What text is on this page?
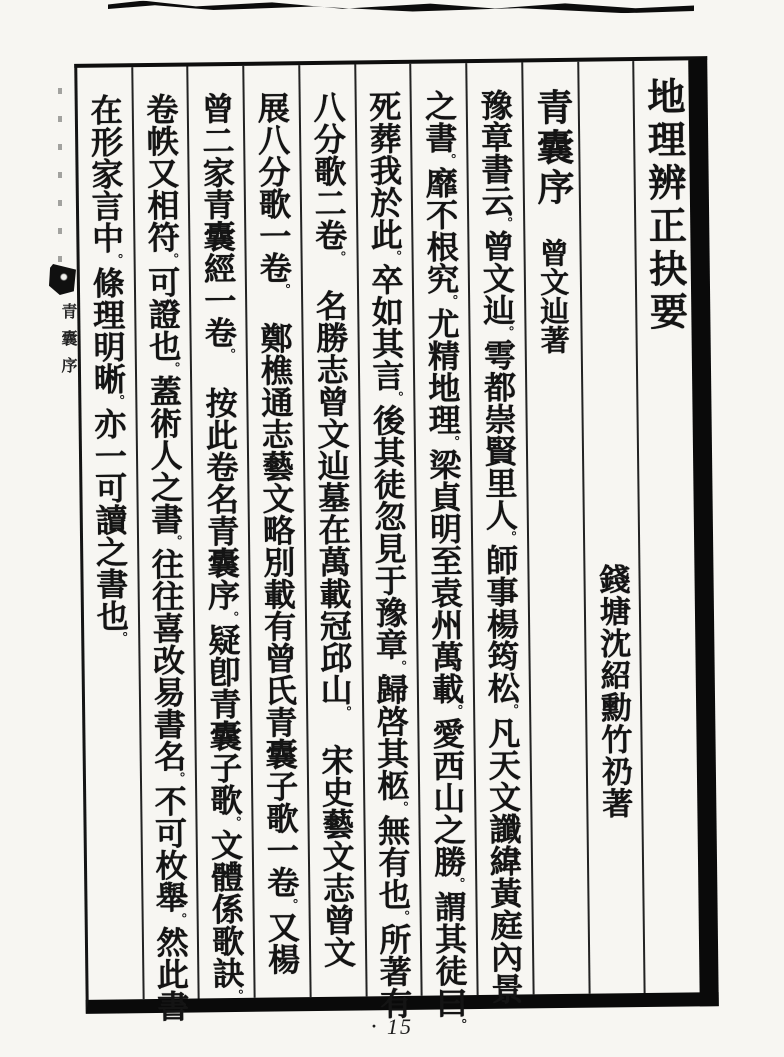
青囊序
地理辨正抉要
錢塘沈紹勳竹礽著
青囊序曾文辿著
豫章書云。曾文辿。雩都崇賢里人。師事楊筠松。凡天文讖緯黃庭內景
之書。靡不根究。尤精地理。梁貞明至袁州萬載。愛西山之勝。謂其徒曰。
死葬我於此。卒如其言。後其徒忽見于豫章。歸啓其柩。無有也。所著有
八分歌二卷。　名勝志曾文辿墓在萬載冠邱山。　宋史藝文志曾文
展八分歌一卷。　鄭樵通志藝文略別載有曾氏青囊子歌一卷。又楊
曾二家青囊經一卷。　按此卷名青囊序。疑卽青囊子歌。文體係歌訣。
卷帙又相符。可證也。蓋術人之書。往往喜改易書名。不可枚舉。然此書
在形家言中。條理明晰。亦一可讀之書也。
· 15
